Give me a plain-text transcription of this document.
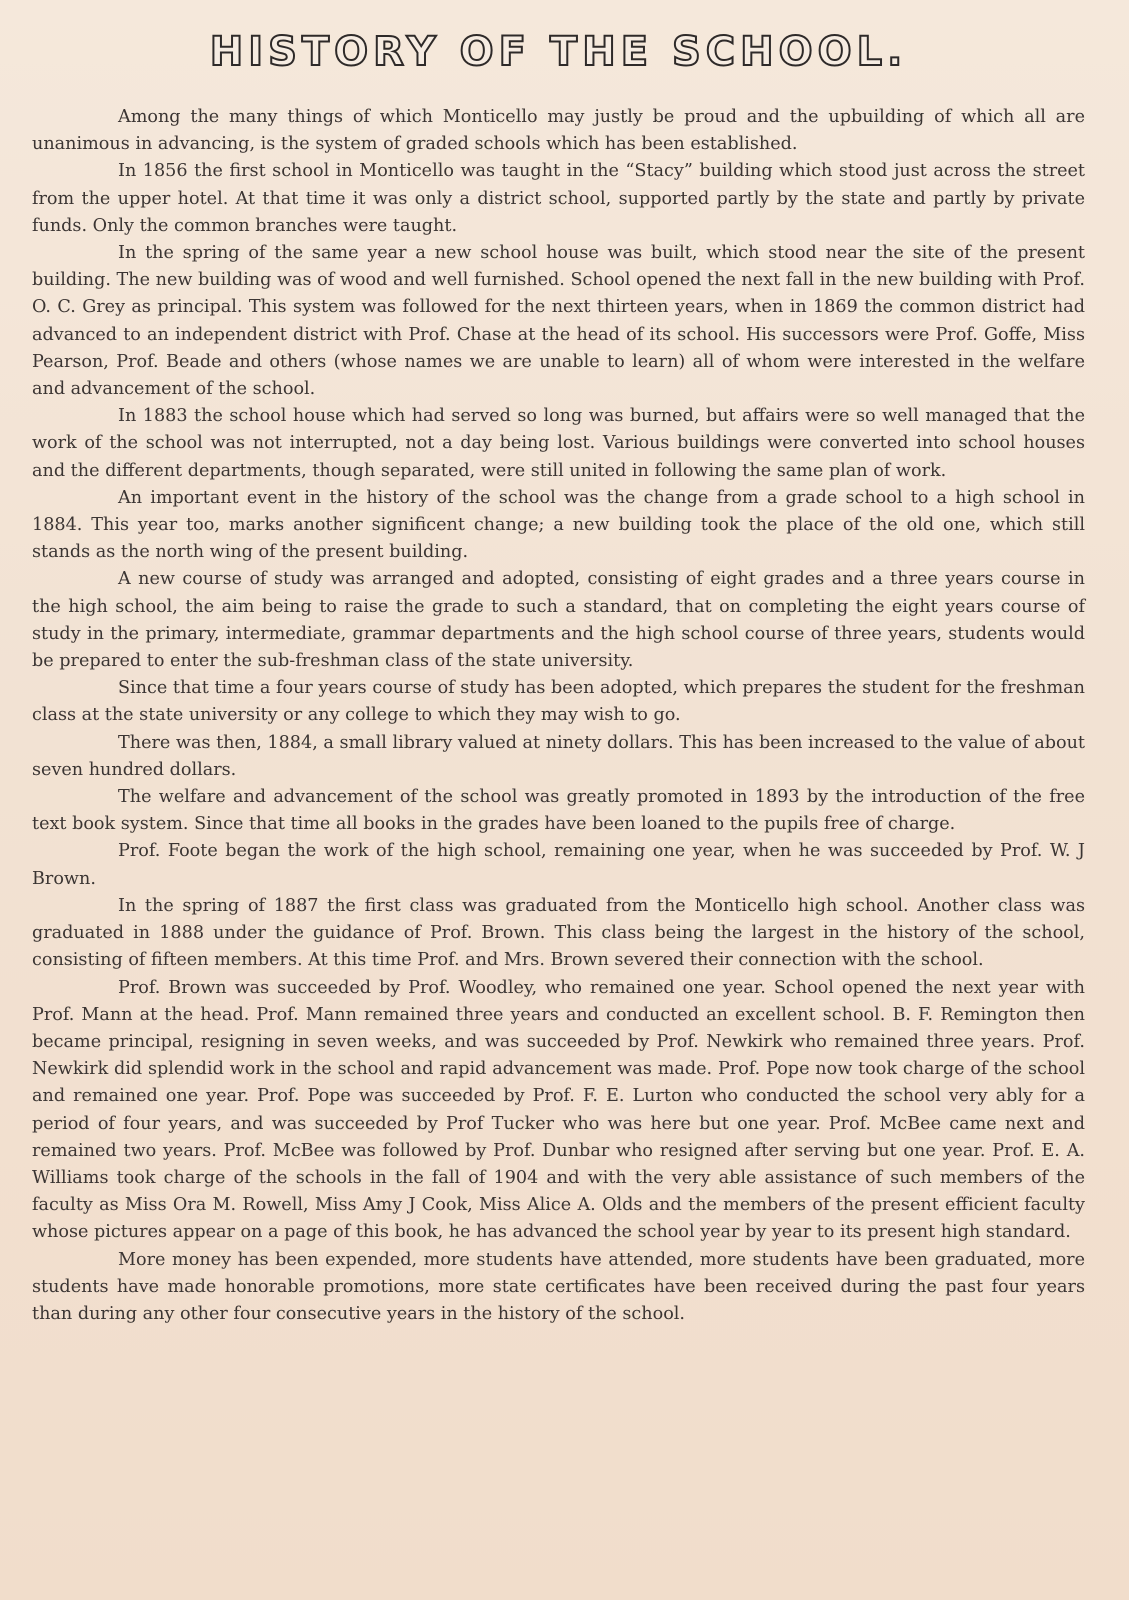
HISTORY OF THE SCHOOL.

Among the many things of which Monticello may justly be proud and the upbuilding of which all are unanimous in advancing, is the system of graded schools which has been established.

In 1856 the first school in Monticello was taught in the “Stacy” building which stood just across the street from the upper hotel. At that time it was only a district school, supported partly by the state and partly by private funds. Only the common branches were taught.

In the spring of the same year a new school house was built, which stood near the site of the present building. The new building was of wood and well furnished. School opened the next fall in the new building with Prof. O. C. Grey as principal. This system was followed for the next thirteen years, when in 1869 the common district had advanced to an independent district with Prof. Chase at the head of its school. His successors were Prof. Goffe, Miss Pearson, Prof. Beade and others (whose names we are unable to learn) all of whom were interested in the welfare and advancement of the school.

In 1883 the school house which had served so long was burned, but affairs were so well managed that the work of the school was not interrupted, not a day being lost. Various buildings were converted into school houses and the different departments, though separated, were still united in following the same plan of work.

An important event in the history of the school was the change from a grade school to a high school in 1884. This year too, marks another significent change; a new building took the place of the old one, which still stands as the north wing of the present building.

A new course of study was arranged and adopted, consisting of eight grades and a three years course in the high school, the aim being to raise the grade to such a standard, that on completing the eight years course of study in the primary, intermediate, grammar departments and the high school course of three years, students would be prepared to enter the sub-freshman class of the state university.

Since that time a four years course of study has been adopted, which prepares the student for the freshman class at the state university or any college to which they may wish to go.

There was then, 1884, a small library valued at ninety dollars. This has been increased to the value of about seven hundred dollars.

The welfare and advancement of the school was greatly promoted in 1893 by the introduction of the free text book system. Since that time all books in the grades have been loaned to the pupils free of charge.

Prof. Foote began the work of the high school, remaining one year, when he was succeeded by Prof. W. J Brown.

In the spring of 1887 the first class was graduated from the Monticello high school. Another class was graduated in 1888 under the guidance of Prof. Brown. This class being the largest in the history of the school, consisting of fifteen members. At this time Prof. and Mrs. Brown severed their connection with the school.

Prof. Brown was succeeded by Prof. Woodley, who remained one year. School opened the next year with Prof. Mann at the head. Prof. Mann remained three years and conducted an excellent school. B. F. Remington then became principal, resigning in seven weeks, and was succeeded by Prof. Newkirk who remained three years. Prof. Newkirk did splendid work in the school and rapid advancement was made. Prof. Pope now took charge of the school and remained one year. Prof. Pope was succeeded by Prof. F. E. Lurton who conducted the school very ably for a period of four years, and was succeeded by Prof Tucker who was here but one year. Prof. McBee came next and remained two years. Prof. McBee was followed by Prof. Dunbar who resigned after serving but one year. Prof. E. A. Williams took charge of the schools in the fall of 1904 and with the very able assistance of such members of the faculty as Miss Ora M. Rowell, Miss Amy J Cook, Miss Alice A. Olds and the members of the present efficient faculty whose pictures appear on a page of this book, he has advanced the school year by year to its present high standard.

More money has been expended, more students have attended, more students have been graduated, more students have made honorable promotions, more state certificates have been received during the past four years than during any other four consecutive years in the history of the school.
